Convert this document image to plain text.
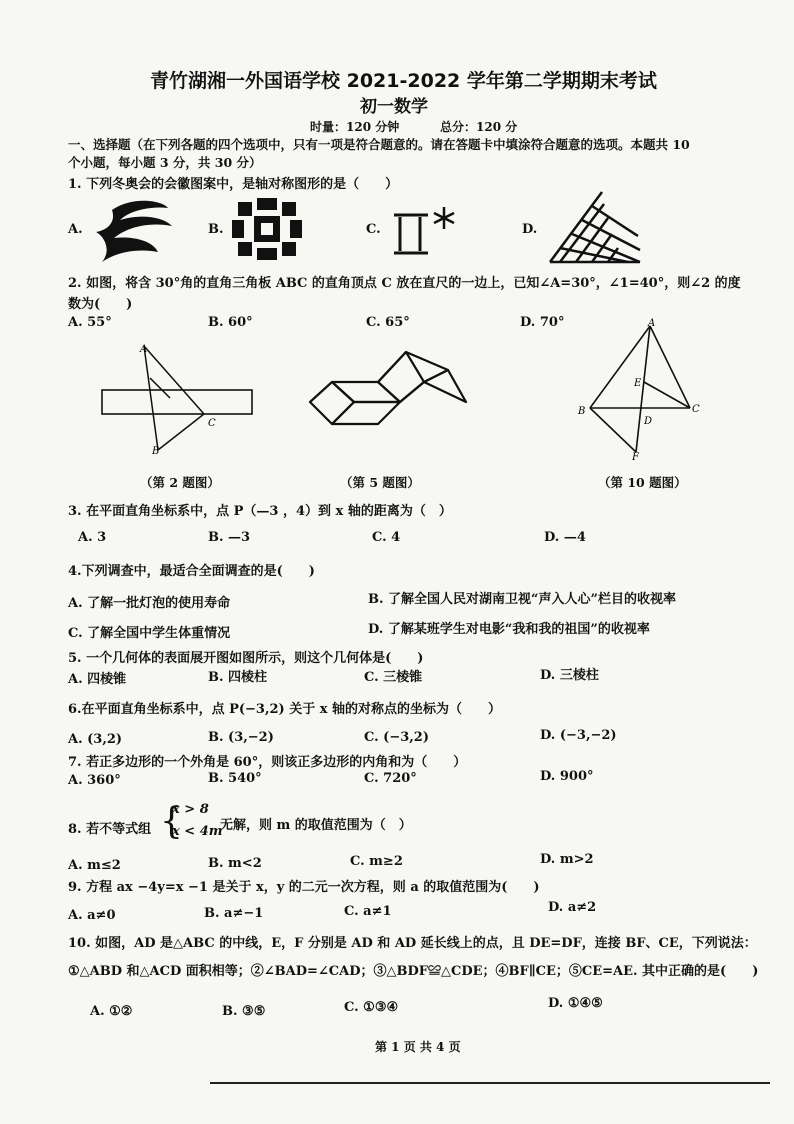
青竹湖湘一外国语学校 2021-2022 学年第二学期期末考试
初一数学
时量：120 分钟	总分：120 分
一、选择题（在下列各题的四个选项中，只有一项是符合题意的。请在答题卡中填涂符合题意的选项。本题共 10
个小题，每小题 3 分，共 30 分）
1. 下列冬奥会的会徽图案中，是轴对称图形的是（　　）
A.	B.	C.	D.
2. 如图，将含 30°角的直角三角板 ABC 的直角顶点 C 放在直尺的一边上，已知∠A=30°，∠1=40°，则∠2 的度
数为(　　)
A. 55°	B. 60°	C. 65°	D. 70°
A
C
B
A
B	C
D
E
F
（第 2 题图）	（第 5 题图）	（第 10 题图）
3. 在平面直角坐标系中，点 P（—3 ，4）到 x 轴的距离为（　）
A. 3	B. —3	C. 4	D. —4
4.下列调查中，最适合全面调查的是(　　)
A. 了解一批灯泡的使用寿命	B. 了解全国人民对湖南卫视“声入人心”栏目的收视率
C. 了解全国中学生体重情况	D. 了解某班学生对电影“我和我的祖国”的收视率
5. 一个几何体的表面展开图如图所示，则这个几何体是(　　)
A. 四棱锥	B. 四棱柱	C. 三棱锥	D. 三棱柱
6.在平面直角坐标系中，点 P(−3,2) 关于 x 轴的对称点的坐标为（　　）
A. (3,2)	B. (3,−2)	C. (−3,2)	D. (−3,−2)
7. 若正多边形的一个外角是 60°，则该正多边形的内角和为（　　）
A. 360°	B. 540°	C. 720°	D. 900°
8. 若不等式组 {
x > 8
x < 4m
无解，则 m 的取值范围为（　）
A. m≤2	B. m<2	C. m≥2	D. m>2
9. 方程 ax −4y=x −1 是关于 x，y 的二元一次方程，则 a 的取值范围为(　　)
A. a≠0	B. a≠−1	C. a≠1	D. a≠2
10. 如图，AD 是△ABC 的中线，E，F 分别是 AD 和 AD 延长线上的点，且 DE=DF，连接 BF、CE，下列说法：
①△ABD 和△ACD 面积相等；②∠BAD=∠CAD；③△BDF≌△CDE；④BF∥CE；⑤CE=AE. 其中正确的是(　　)
A. ①②	B. ③⑤	C. ①③④	D. ①④⑤
第 1 页 共 4 页
